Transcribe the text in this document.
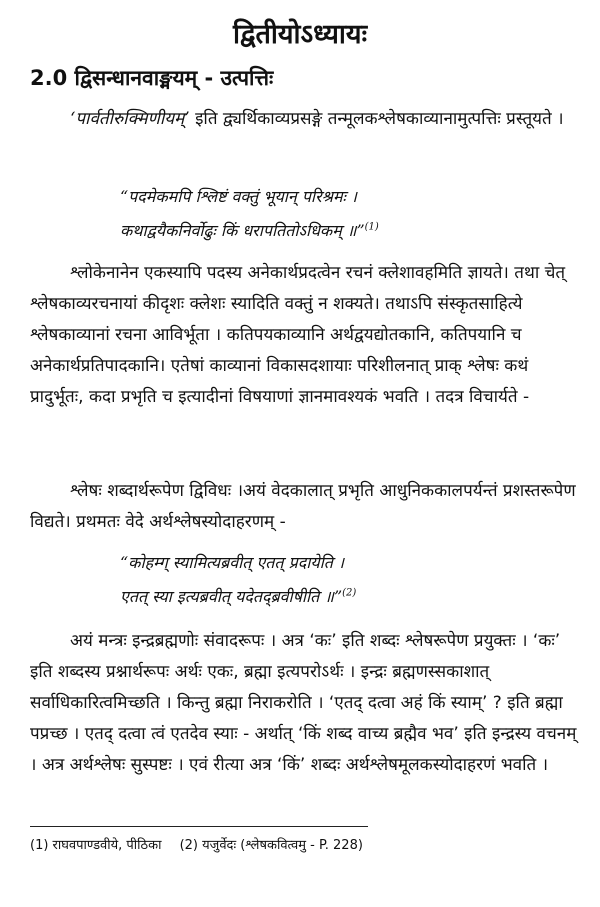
द्वितीयोऽध्यायः
2.0 द्विसन्धानवाङ्मयम् - उत्पत्तिः
‘पार्वतीरुक्मिणीयम्’ इति द्व्यर्थिकाव्यप्रसङ्गे तन्मूलकश्लेषकाव्यानामुत्पत्तिः प्रस्तूयते ।
“पदमेकमपि श्लिष्टं वक्तुं भूयान् परिश्रमः ।
कथाद्वयैकनिर्वोढुः किं धरापतितोऽधिकम् ॥”$^{(1)}$
श्लोकेनानेन एकस्यापि पदस्य अनेकार्थप्रदत्वेन रचनं क्लेशावहमिति ज्ञायते। तथा चेत् श्लेषकाव्यरचनायां कीदृशः क्लेशः स्यादिति वक्तुं न शक्यते। तथाऽपि संस्कृतसाहित्ये श्लेषकाव्यानां रचना आविर्भूता । कतिपयकाव्यानि अर्थद्वयद्योतकानि, कतिपयानि च अनेकार्थप्रतिपादकानि। एतेषां काव्यानां विकासदशायाः परिशीलनात् प्राक् श्लेषः कथं प्रादुर्भूतः, कदा प्रभृति च इत्यादीनां विषयाणां ज्ञानमावश्यकं भवति । तदत्र विचार्यते -
श्लेषः शब्दार्थरूपेण द्विविधः ।अयं वेदकालात् प्रभृति आधुनिककालपर्यन्तं प्रशस्तरूपेण विद्यते। प्रथमतः वेदे अर्थश्लेषस्योदाहरणम् -
“कोहम्ग् स्यामित्यब्रवीत् एतत् प्रदायेति ।
एतत् स्या इत्यब्रवीत् यदेतद्ब्रवीषीति ॥”$^{(2)}$
अयं मन्त्रः इन्द्रब्रह्मणोः संवादरूपः । अत्र ‘कः’ इति शब्दः श्लेषरूपेण प्रयुक्तः । ‘कः’ इति शब्दस्य प्रश्नार्थरूपः अर्थः एकः, ब्रह्मा इत्यपरोऽर्थः । इन्द्रः ब्रह्मणस्सकाशात् सर्वाधिकारित्वमिच्छति । किन्तु ब्रह्मा निराकरोति । ‘एतद् दत्वा अहं किं स्याम्’ ? इति ब्रह्मा पप्रच्छ । एतद् दत्वा त्वं एतदेव स्याः - अर्थात् ‘किं शब्द वाच्य ब्रह्मैव भव’ इति इन्द्रस्य वचनम् । अत्र अर्थश्लेषः सुस्पष्टः । एवं रीत्या अत्र ‘किं’ शब्दः अर्थश्लेषमूलकस्योदाहरणं भवति ।
(1) राघवपाण्डवीये, पीठिका (2) यजुर्वेदः (श्लेषकवित्वमु - P. 228)
